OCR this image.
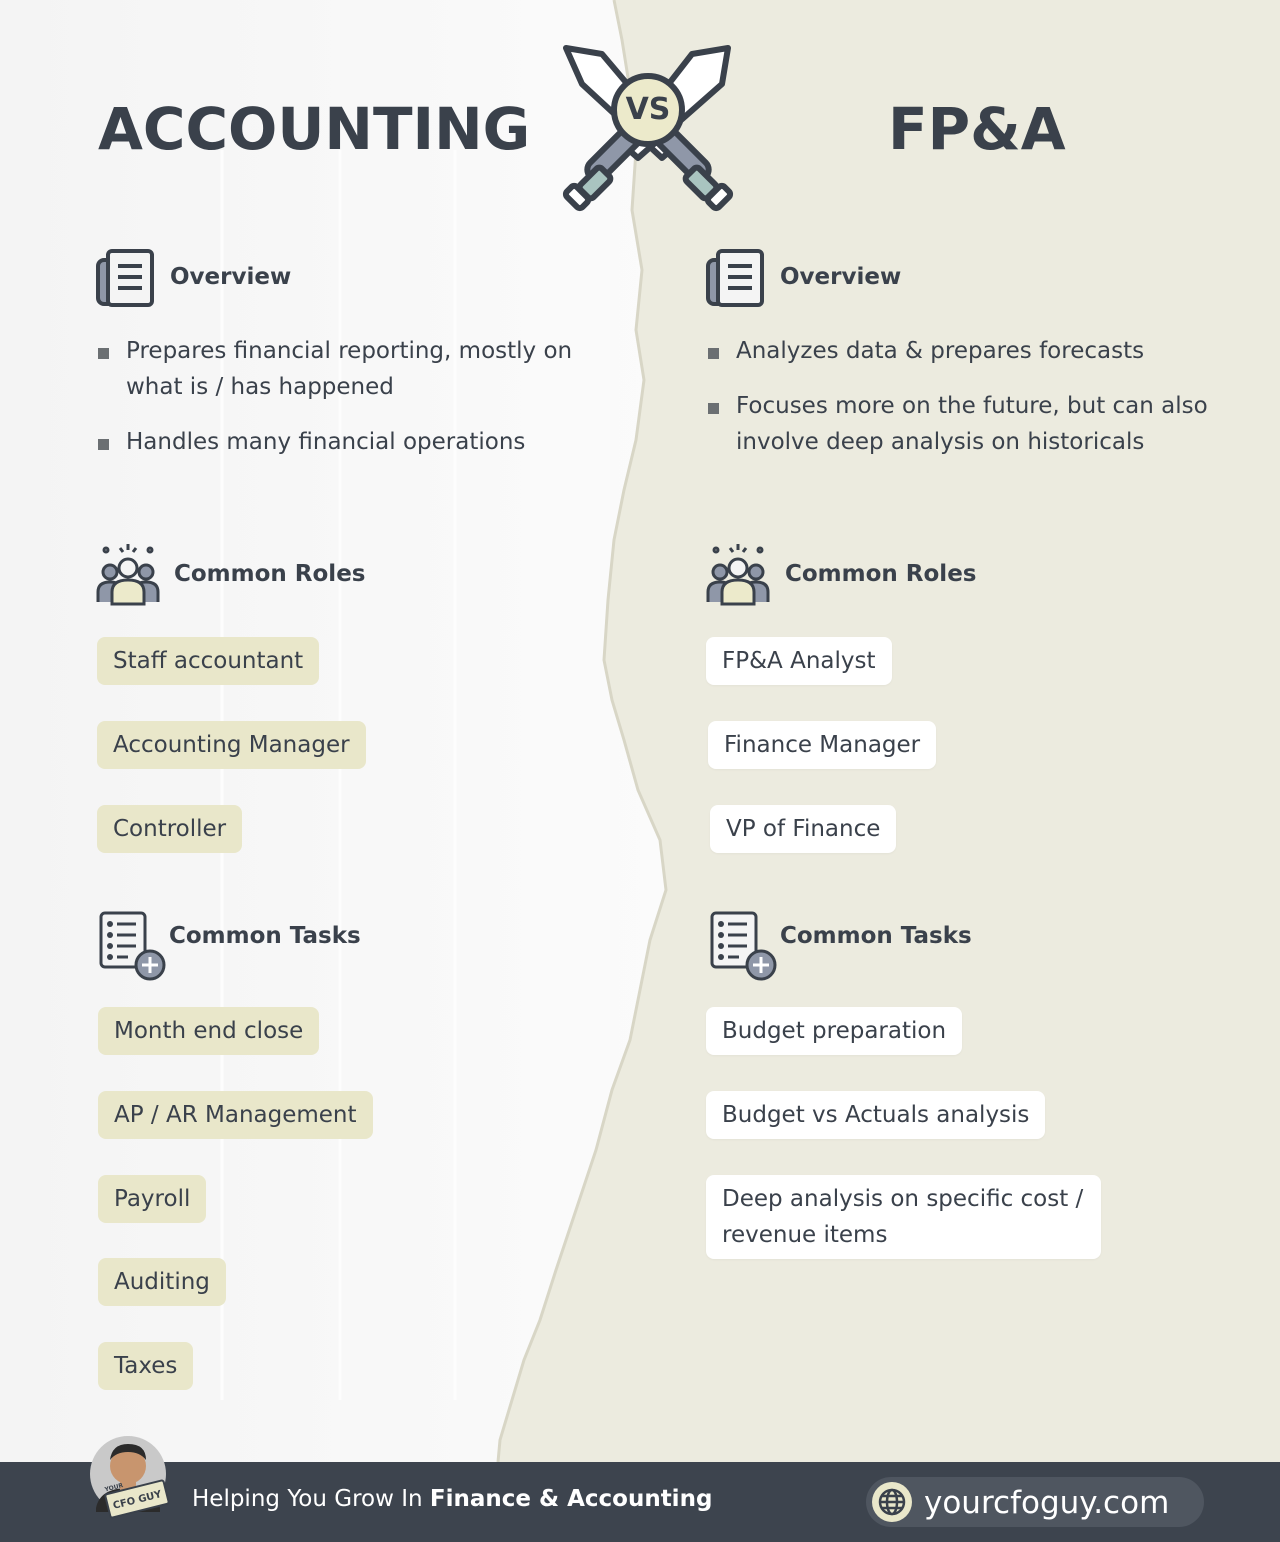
ACCOUNTING	FP&A
VS
Overview
Prepares financial reporting, mostly on what is / has happened
Handles many financial operations
Overview
Analyzes data & prepares forecasts
Focuses more on the future, but can also involve deep analysis on historicals
Common Roles
Staff accountant
Accounting Manager
Controller
Common Roles
FP&A Analyst
Finance Manager
VP of Finance
Common Tasks
Month end close
AP / AR Management
Payroll
Auditing
Taxes
Common Tasks
Budget preparation
Budget vs Actuals analysis
Deep analysis on specific cost / revenue items
Helping You Grow In Finance & Accounting	yourcfoguy.com
YOUR
CFO GUY
